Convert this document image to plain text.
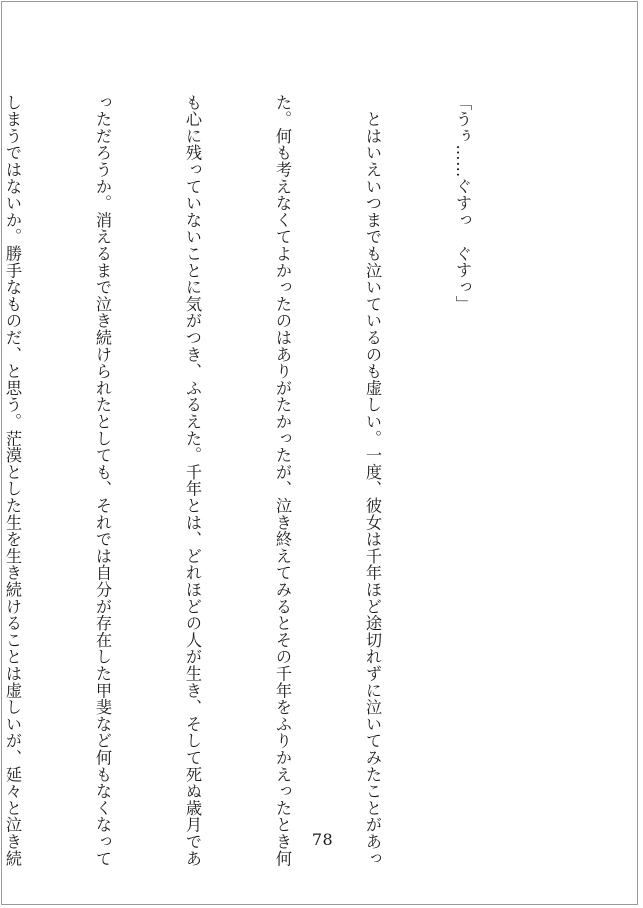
「うぅ……ぐすっ　ぐすっ」

　とはいえいつまでも泣いているのも虚しい。一度、彼女は千年ほど途切れずに泣いてみたことがあっ

た。何も考えなくてよかったのはありがたかったが、泣き終えてみるとその千年をふりかえったとき何

も心に残っていないことに気がつき、ふるえた。千年とは、どれほどの人が生き、そして死ぬ歳月であ

っただろうか。消えるまで泣き続けられたとしても、それでは自分が存在した甲斐など何もなくなって

しまうではないか。勝手なものだ、と思う。茫漠とした生を生き続けることは虚しいが、延々と泣き続

	78
